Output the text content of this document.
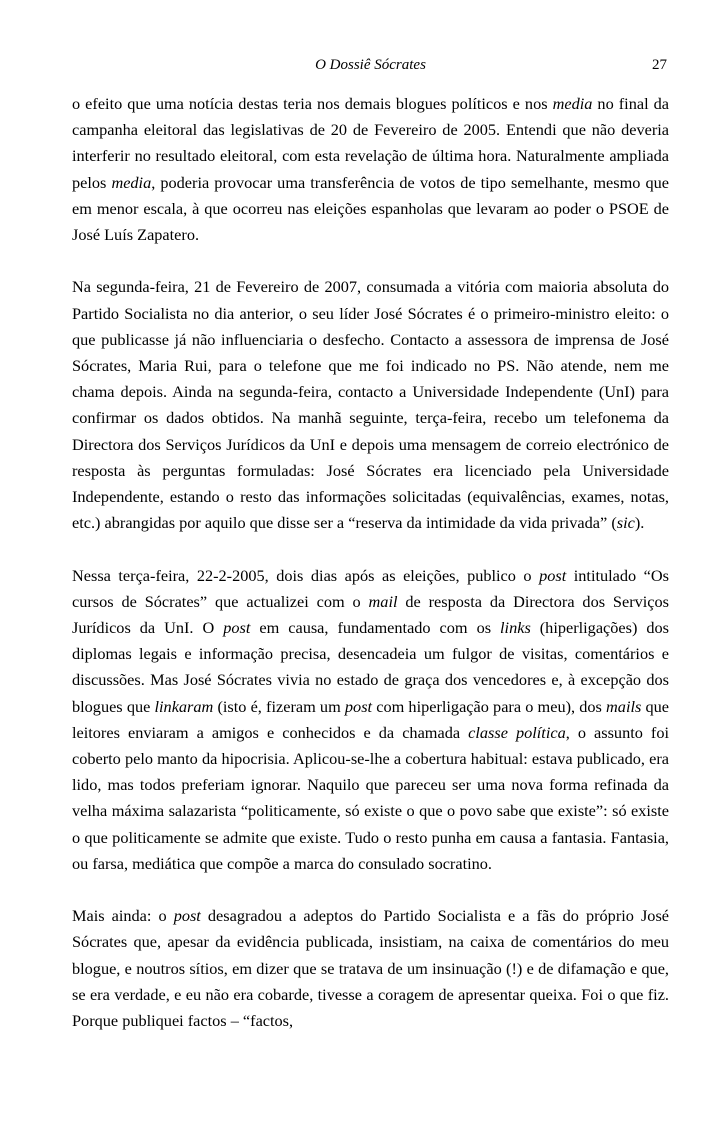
O Dossiê Sócrates	27

o efeito que uma notícia destas teria nos demais blogues políticos e nos media no final da campanha eleitoral das legislativas de 20 de Fevereiro de 2005. Entendi que não deveria interferir no resultado eleitoral, com esta revelação de última hora. Naturalmente ampliada pelos media, poderia provocar uma transferência de votos de tipo semelhante, mesmo que em menor escala, à que ocorreu nas eleições espanholas que levaram ao poder o PSOE de José Luís Zapatero.

Na segunda-feira, 21 de Fevereiro de 2007, consumada a vitória com maioria absoluta do Partido Socialista no dia anterior, o seu líder José Sócrates é o primeiro-ministro eleito: o que publicasse já não influenciaria o desfecho. Contacto a assessora de imprensa de José Sócrates, Maria Rui, para o telefone que me foi indicado no PS. Não atende, nem me chama depois. Ainda na segunda-feira, contacto a Universidade Independente (UnI) para confirmar os dados obtidos. Na manhã seguinte, terça-feira, recebo um telefonema da Directora dos Serviços Jurídicos da UnI e depois uma mensagem de correio electrónico de resposta às perguntas formuladas: José Sócrates era licenciado pela Universidade Independente, estando o resto das informações solicitadas (equivalências, exames, notas, etc.) abrangidas por aquilo que disse ser a “reserva da intimidade da vida privada” (sic).

Nessa terça-feira, 22-2-2005, dois dias após as eleições, publico o post intitulado “Os cursos de Sócrates” que actualizei com o mail de resposta da Directora dos Serviços Jurídicos da UnI. O post em causa, fundamentado com os links (hiperligações) dos diplomas legais e informação precisa, desencadeia um fulgor de visitas, comentários e discussões. Mas José Sócrates vivia no estado de graça dos vencedores e, à excepção dos blogues que linkaram (isto é, fizeram um post com hiperligação para o meu), dos mails que leitores enviaram a amigos e conhecidos e da chamada classe política, o assunto foi coberto pelo manto da hipocrisia. Aplicou-se-lhe a cobertura habitual: estava publicado, era lido, mas todos preferiam ignorar. Naquilo que pareceu ser uma nova forma refinada da velha máxima salazarista “politicamente, só existe o que o povo sabe que existe”: só existe o que politicamente se admite que existe. Tudo o resto punha em causa a fantasia. Fantasia, ou farsa, mediática que compõe a marca do consulado socratino.

Mais ainda: o post desagradou a adeptos do Partido Socialista e a fãs do próprio José Sócrates que, apesar da evidência publicada, insistiam, na caixa de comentários do meu blogue, e noutros sítios, em dizer que se tratava de um insinuação (!) e de difamação e que, se era verdade, e eu não era cobarde, tivesse a coragem de apresentar queixa. Foi o que fiz. Porque publiquei factos – “factos,
